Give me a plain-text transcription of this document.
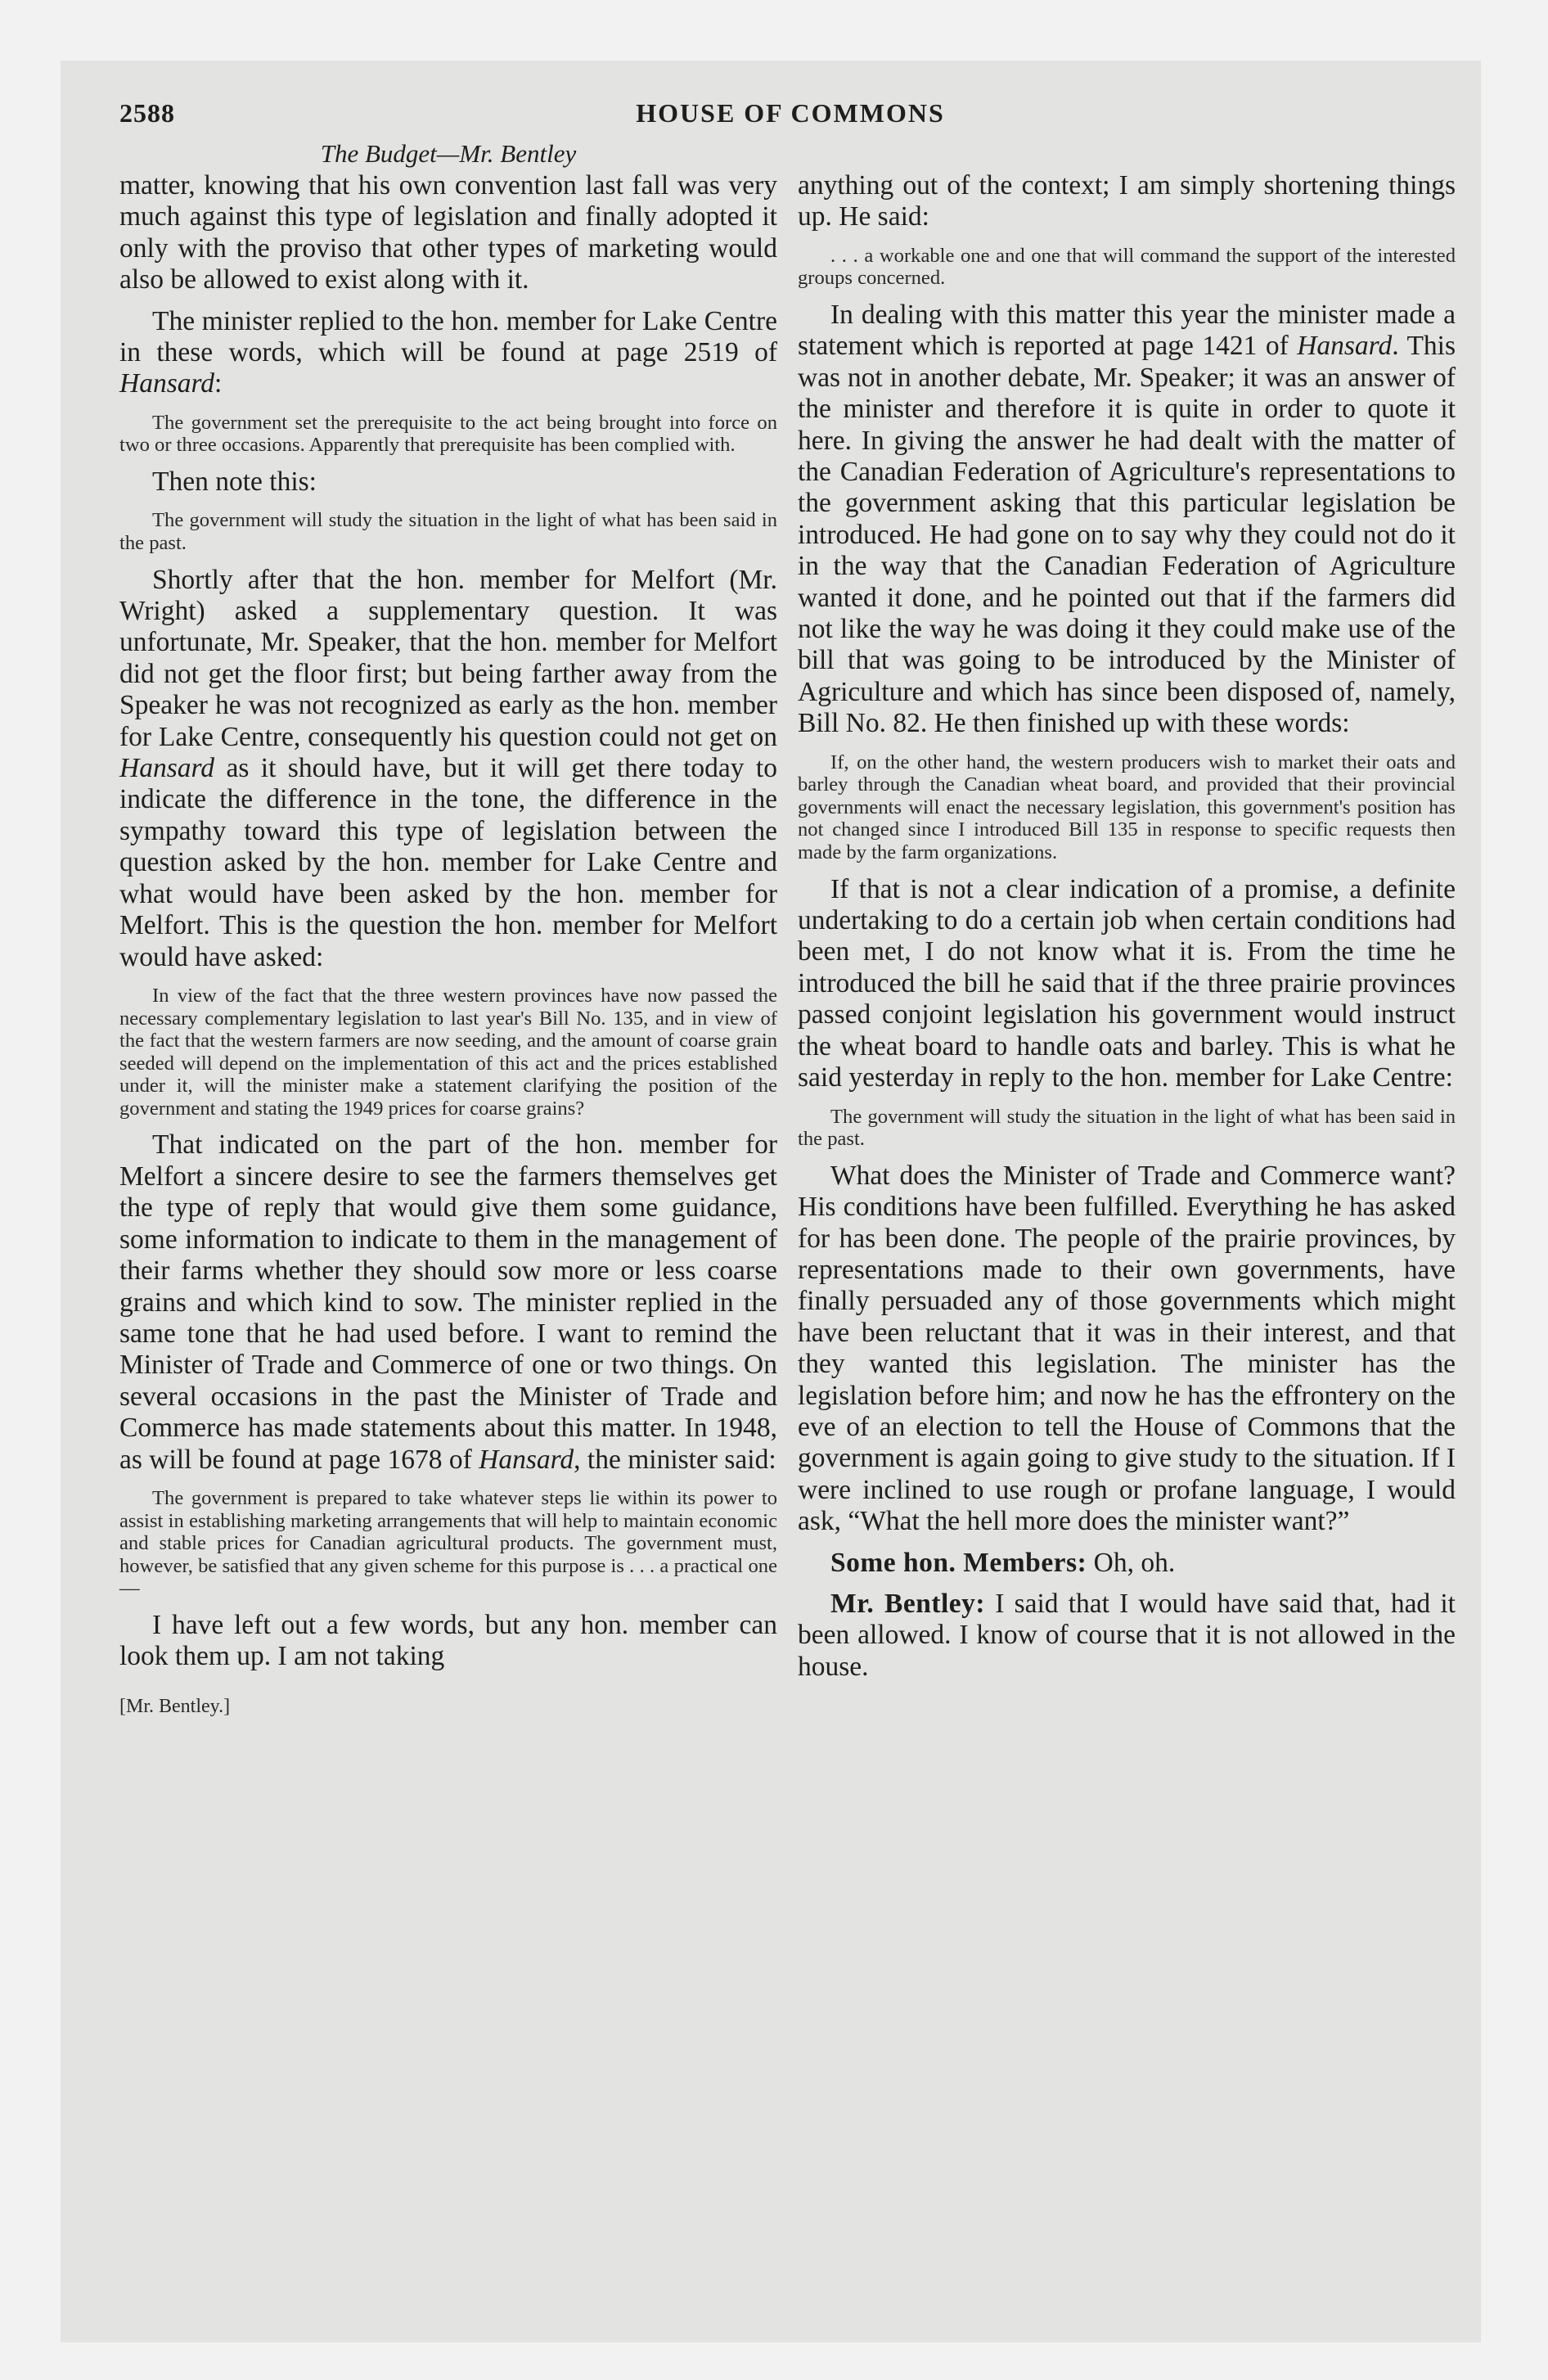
2588	HOUSE OF COMMONS
The Budget—Mr. Bentley

matter, knowing that his own convention last fall was very much against this type of legislation and finally adopted it only with the proviso that other types of marketing would also be allowed to exist along with it.

The minister replied to the hon. member for Lake Centre in these words, which will be found at page 2519 of Hansard:

The government set the prerequisite to the act being brought into force on two or three occasions. Apparently that prerequisite has been complied with.

Then note this:

The government will study the situation in the light of what has been said in the past.

Shortly after that the hon. member for Melfort (Mr. Wright) asked a supplementary question. It was unfortunate, Mr. Speaker, that the hon. member for Melfort did not get the floor first; but being farther away from the Speaker he was not recognized as early as the hon. member for Lake Centre, consequently his question could not get on Hansard as it should have, but it will get there today to indicate the difference in the tone, the difference in the sympathy toward this type of legislation between the question asked by the hon. member for Lake Centre and what would have been asked by the hon. member for Melfort. This is the question the hon. member for Melfort would have asked:

In view of the fact that the three western provinces have now passed the necessary complementary legislation to last year's Bill No. 135, and in view of the fact that the western farmers are now seeding, and the amount of coarse grain seeded will depend on the implementation of this act and the prices established under it, will the minister make a statement clarifying the position of the government and stating the 1949 prices for coarse grains?

That indicated on the part of the hon. member for Melfort a sincere desire to see the farmers themselves get the type of reply that would give them some guidance, some information to indicate to them in the management of their farms whether they should sow more or less coarse grains and which kind to sow. The minister replied in the same tone that he had used before. I want to remind the Minister of Trade and Commerce of one or two things. On several occasions in the past the Minister of Trade and Commerce has made statements about this matter. In 1948, as will be found at page 1678 of Hansard, the minister said:

The government is prepared to take whatever steps lie within its power to assist in establishing marketing arrangements that will help to maintain economic and stable prices for Canadian agricultural products. The government must, however, be satisfied that any given scheme for this purpose is . . . a practical one—

I have left out a few words, but any hon. member can look them up. I am not taking

[Mr. Bentley.]

anything out of the context; I am simply shortening things up. He said:

. . . a workable one and one that will command the support of the interested groups concerned.

In dealing with this matter this year the minister made a statement which is reported at page 1421 of Hansard. This was not in another debate, Mr. Speaker; it was an answer of the minister and therefore it is quite in order to quote it here. In giving the answer he had dealt with the matter of the Canadian Federation of Agriculture's representations to the government asking that this particular legislation be introduced. He had gone on to say why they could not do it in the way that the Canadian Federation of Agriculture wanted it done, and he pointed out that if the farmers did not like the way he was doing it they could make use of the bill that was going to be introduced by the Minister of Agriculture and which has since been disposed of, namely, Bill No. 82. He then finished up with these words:

If, on the other hand, the western producers wish to market their oats and barley through the Canadian wheat board, and provided that their provincial governments will enact the necessary legislation, this government's position has not changed since I introduced Bill 135 in response to specific requests then made by the farm organizations.

If that is not a clear indication of a promise, a definite undertaking to do a certain job when certain conditions had been met, I do not know what it is. From the time he introduced the bill he said that if the three prairie provinces passed conjoint legislation his government would instruct the wheat board to handle oats and barley. This is what he said yesterday in reply to the hon. member for Lake Centre:

The government will study the situation in the light of what has been said in the past.

What does the Minister of Trade and Commerce want? His conditions have been fulfilled. Everything he has asked for has been done. The people of the prairie provinces, by representations made to their own governments, have finally persuaded any of those governments which might have been reluctant that it was in their interest, and that they wanted this legislation. The minister has the legislation before him; and now he has the effrontery on the eve of an election to tell the House of Commons that the government is again going to give study to the situation. If I were inclined to use rough or profane language, I would ask, “What the hell more does the minister want?”

Some hon. Members: Oh, oh.

Mr. Bentley: I said that I would have said that, had it been allowed. I know of course that it is not allowed in the house.
